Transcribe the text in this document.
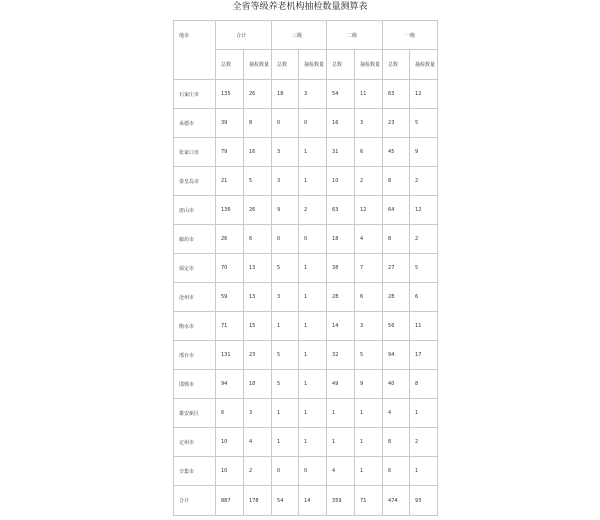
全省等级养老机构抽检数量测算表
地市	合计		三级		二级		一级	
	总数	抽检数量	总数	抽检数量	总数	抽检数量	总数	抽检数量
石家庄市	135	26	18	3	54	11	63	12
承德市	39	8	0	0	16	3	23	5
张家口市	79	16	3	1	31	6	45	9
秦皇岛市	21	5	3	1	10	2	8	2
唐山市	136	26	9	2	63	12	64	12
廊坊市	26	6	0	0	18	4	8	2
保定市	70	13	5	1	38	7	27	5
沧州市	59	13	3	1	28	6	28	6
衡水市	71	15	1	1	14	3	56	11
邢台市	131	23	5	1	32	5	94	17
邯郸市	94	18	5	1	49	9	40	8
雄安新区	6	3	1	1	1	1	4	1
定州市	10	4	1	1	1	1	8	2
辛集市	10	2	0	0	4	1	6	1
合计	887	178	54	14	359	71	474	93
